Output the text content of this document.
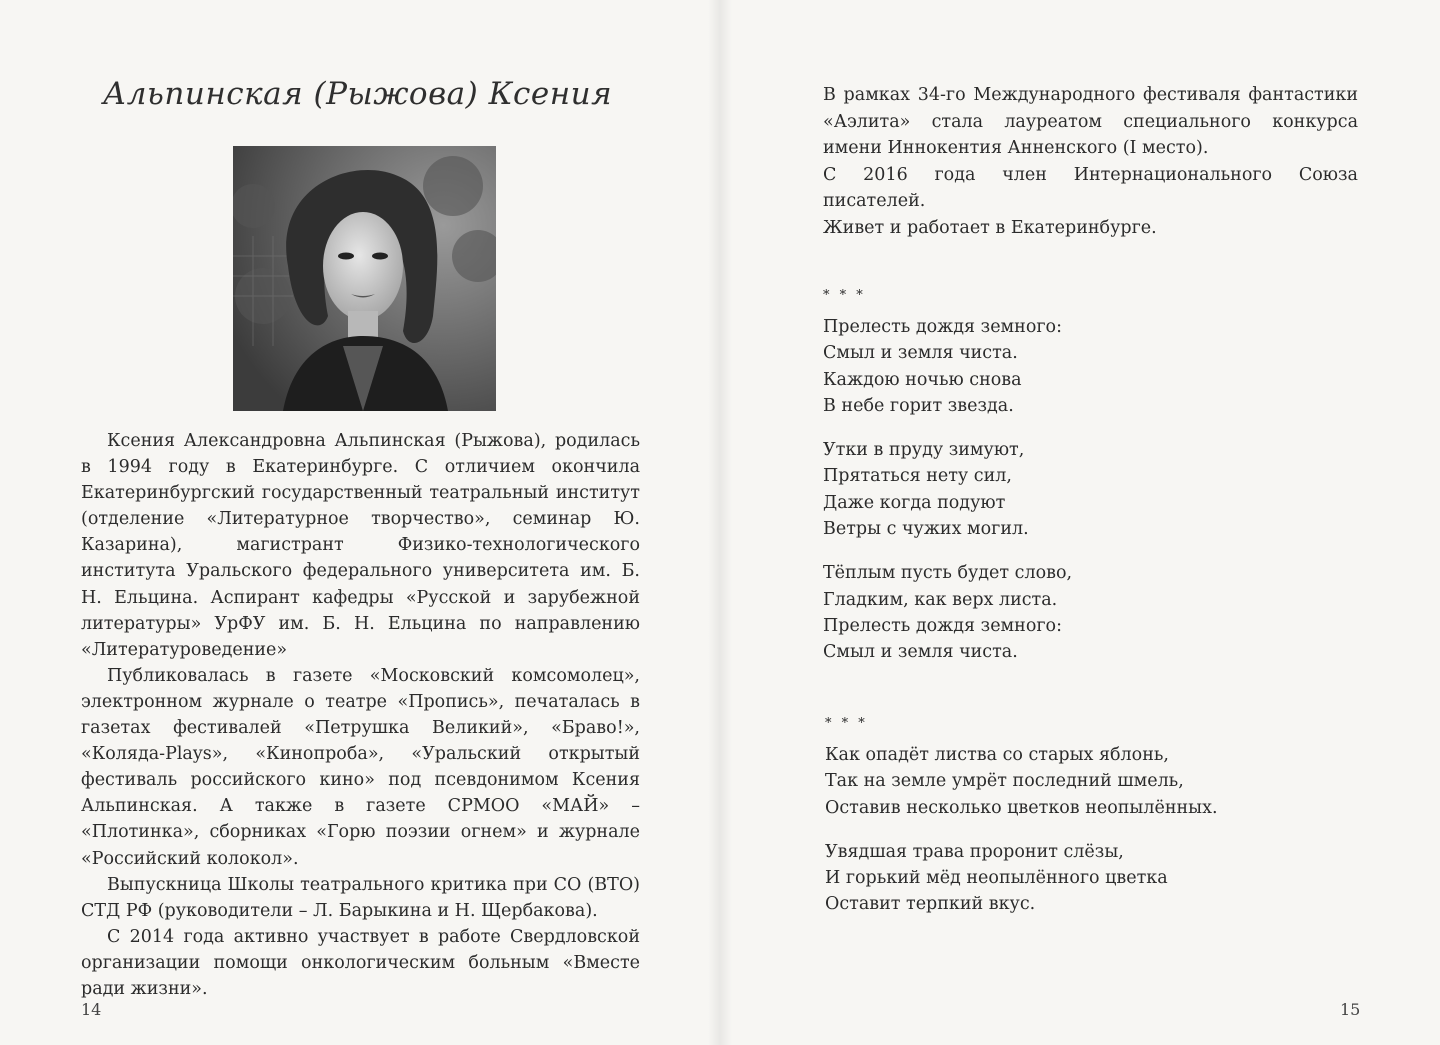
Альпинская (Рыжова) Ксения

Ксения Александровна Альпинская (Рыжова), родилась в 1994 году в Екатеринбурге. С отличием окончила Екатеринбургский государственный театральный институт (отделение «Литературное творчество», семинар Ю. Казарина), магистрант Физико-технологического института Уральского федерального университета им. Б. Н. Ельцина. Аспирант кафедры «Русской и зарубежной литературы» УрФУ им. Б. Н. Ельцина по направлению «Литературоведение»

Публиковалась в газете «Московский комсомолец», электронном журнале о театре «Пропись», печаталась в газетах фестивалей «Петрушка Великий», «Браво!», «Коляда-Plays», «Кинопроба», «Уральский открытый фестиваль российского кино» под псевдонимом Ксения Альпинская. А также в газете СРМОО «МАЙ» – «Плотинка», сборниках «Горю поэзии огнем» и журнале «Российский колокол».

Выпускница Школы театрального критика при СО (ВТО) СТД РФ (руководители – Л. Барыкина и Н. Щербакова).

С 2014 года активно участвует в работе Свердловской организации помощи онкологическим больным «Вместе ради жизни».

14

В рамках 34-го Международного фестиваля фантастики «Аэлита» стала лауреатом специального конкурса имени Иннокентия Анненского (I место).

С 2016 года член Интернационального Союза писателей.

Живет и работает в Екатеринбурге.

* * *
Прелесть дождя земного:
Смыл и земля чиста.
Каждою ночью снова
В небе горит звезда.
Утки в пруду зимуют,
Прятаться нету сил,
Даже когда подуют
Ветры с чужих могил.
Тёплым пусть будет слово,
Гладким, как верх листа.
Прелесть дождя земного:
Смыл и земля чиста.
* * *
Как опадёт листва со старых яблонь,
Так на земле умрёт последний шмель,
Оставив несколько цветков неопылённых.
Увядшая трава проронит слёзы,
И горький мёд неопылённого цветка
Оставит терпкий вкус.
15
